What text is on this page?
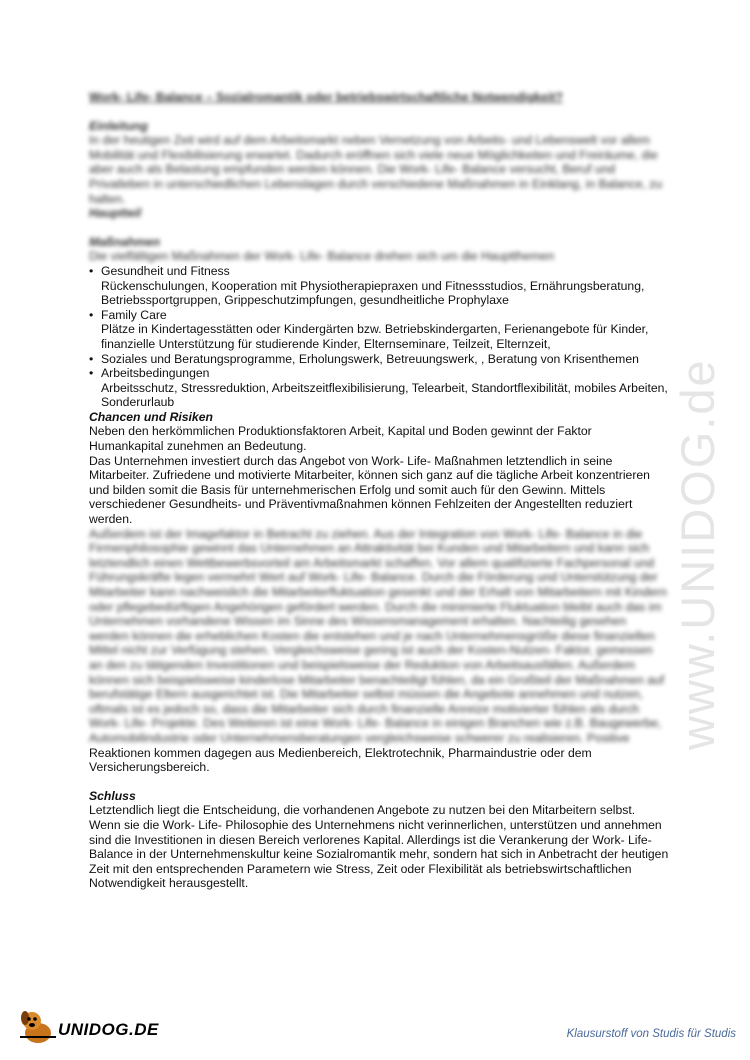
Work- Life- Balance – Sozialromantik oder betriebswirtschaftliche Notwendigkeit?
Einleitung

In der heutigen Zeit wird auf dem Arbeitsmarkt neben Vernetzung von Arbeits- und Lebenswelt vor allem Mobilität und Flexibilisierung erwartet. Dadurch eröffnen sich viele neue Möglichkeiten und Freiräume, die aber auch als Belastung empfunden werden können. Die Work- Life- Balance versucht, Beruf und Privatleben in unterschiedlichen Lebenslagen durch verschiedene Maßnahmen in Einklang, in Balance, zu halten.

Hauptteil
Maßnahmen

Die vielfältigen Maßnahmen der Work- Life- Balance drehen sich um die Hauptthemen

• Gesundheit und Fitness
Rückenschulungen, Kooperation mit Physiotherapiepraxen und Fitnessstudios, Ernährungsberatung, Betriebssportgruppen, Grippeschutzimpfungen, gesundheitliche Prophylaxe
• Family Care
Plätze in Kindertagesstätten oder Kindergärten bzw. Betriebskindergarten, Ferienangebote für Kinder, finanzielle Unterstützung für studierende Kinder, Elternseminare, Teilzeit, Elternzeit,
• Soziales und Beratungsprogramme, Erholungswerk, Betreuungswerk, , Beratung von Krisenthemen
• Arbeitsbedingungen
Arbeitsschutz, Stressreduktion, Arbeitszeitflexibilisierung, Telearbeit, Standortflexibilität, mobiles Arbeiten, Sonderurlaub
Chancen und Risiken

Neben den herkömmlichen Produktionsfaktoren Arbeit, Kapital und Boden gewinnt der Faktor Humankapital zunehmen an Bedeutung.

Das Unternehmen investiert durch das Angebot von Work- Life- Maßnahmen letztendlich in seine Mitarbeiter. Zufriedene und motivierte Mitarbeiter, können sich ganz auf die tägliche Arbeit konzentrieren und bilden somit die Basis für unternehmerischen Erfolg und somit auch für den Gewinn. Mittels verschiedener Gesundheits- und Präventivmaßnahmen können Fehlzeiten der Angestellten reduziert werden.

Außerdem ist der Imagefaktor in Betracht zu ziehen. Aus der Integration von Work- Life- Balance in die Firmenphilosophie gewinnt das Unternehmen an Attraktivität bei Kunden und Mitarbeitern und kann sich letztendlich einen Wettbewerbsvorteil am Arbeitsmarkt schaffen. Vor allem qualifizierte Fachpersonal und Führungskräfte legen vermehrt Wert auf Work- Life- Balance. Durch die Förderung und Unterstützung der Mitarbeiter kann nachweislich die Mitarbeiterfluktuation gesenkt und der Erhalt von Mitarbeitern mit Kindern oder pflegebedürftigen Angehörigen gefördert werden. Durch die minimierte Fluktuation bleibt auch das im Unternehmen vorhandene Wissen im Sinne des Wissensmanagement erhalten. Nachteilig gesehen werden können die erheblichen Kosten die entstehen und je nach Unternehmensgröße diese finanziellen Mittel nicht zur Verfügung stehen. Vergleichsweise gering ist auch der Kosten-Nutzen- Faktor, gemessen an den zu tätigenden Investitionen und beispielsweise der Reduktion von Arbeitsausfällen. Außerdem können sich beispielsweise kinderlose Mitarbeiter benachteiligt fühlen, da ein Großteil der Maßnahmen auf berufstätige Eltern ausgerichtet ist. Die Mitarbeiter selbst müssen die Angebote annehmen und nutzen, oftmals ist es jedoch so, dass die Mitarbeiter sich durch finanzielle Anreize motivierter fühlen als durch Work- Life- Projekte. Des Weiteren ist eine Work- Life- Balance in einigen Branchen wie z.B. Baugewerbe, Automobilindustrie oder Unternehmensberatungen vergleichsweise schwerer zu realisieren. Positive

Reaktionen kommen dagegen aus Medienbereich, Elektrotechnik, Pharmaindustrie oder dem Versicherungsbereich.

Schluss

Letztendlich liegt die Entscheidung, die vorhandenen Angebote zu nutzen bei den Mitarbeitern selbst. Wenn sie die Work- Life- Philosophie des Unternehmens nicht verinnerlichen, unterstützen und annehmen sind die Investitionen in diesen Bereich verlorenes Kapital. Allerdings ist die Verankerung der Work- Life- Balance in der Unternehmenskultur keine Sozialromantik mehr, sondern hat sich in Anbetracht der heutigen Zeit mit den entsprechenden Parametern wie Stress, Zeit oder Flexibilität als betriebswirtschaftlichen Notwendigkeit herausgestellt.

www.UNIDOG.de
UNIDOG.DE	Klausurstoff von Studis für Studis
